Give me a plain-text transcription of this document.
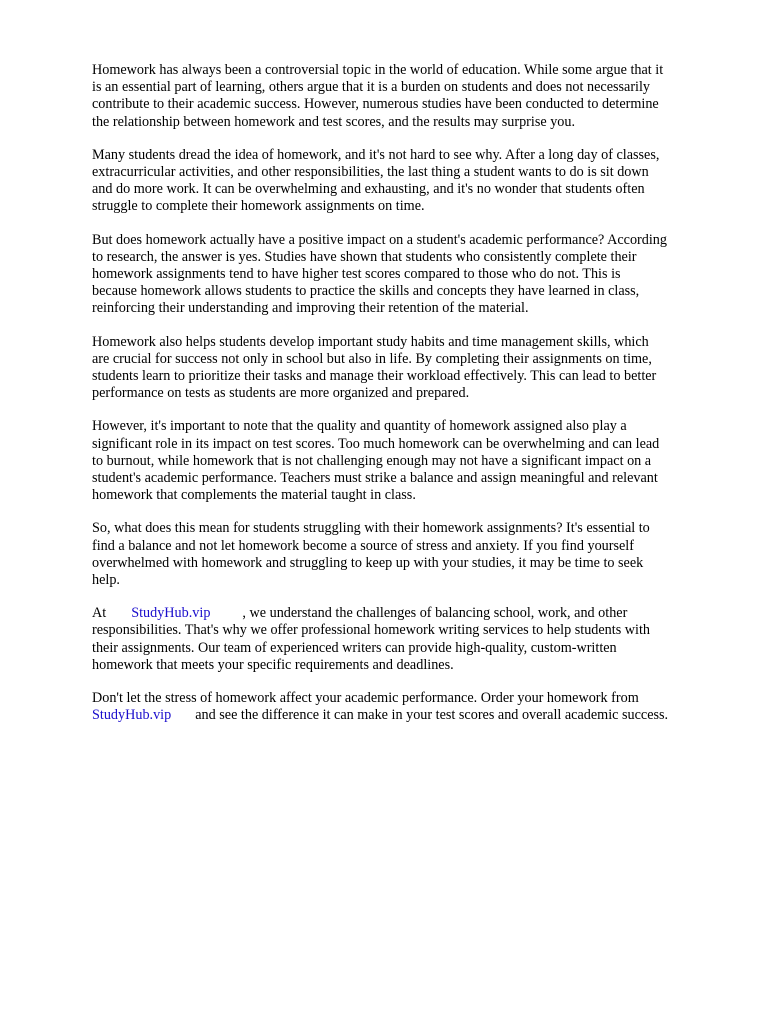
Homework has always been a controversial topic in the world of education. While some argue that it
is an essential part of learning, others argue that it is a burden on students and does not necessarily
contribute to their academic success. However, numerous studies have been conducted to determine
the relationship between homework and test scores, and the results may surprise you.

Many students dread the idea of homework, and it's not hard to see why. After a long day of classes,
extracurricular activities, and other responsibilities, the last thing a student wants to do is sit down
and do more work. It can be overwhelming and exhausting, and it's no wonder that students often
struggle to complete their homework assignments on time.

But does homework actually have a positive impact on a student's academic performance? According
to research, the answer is yes. Studies have shown that students who consistently complete their
homework assignments tend to have higher test scores compared to those who do not. This is
because homework allows students to practice the skills and concepts they have learned in class,
reinforcing their understanding and improving their retention of the material.

Homework also helps students develop important study habits and time management skills, which
are crucial for success not only in school but also in life. By completing their assignments on time,
students learn to prioritize their tasks and manage their workload effectively. This can lead to better
performance on tests as students are more organized and prepared.

However, it's important to note that the quality and quantity of homework assigned also play a
significant role in its impact on test scores. Too much homework can be overwhelming and can lead
to burnout, while homework that is not challenging enough may not have a significant impact on a
student's academic performance. Teachers must strike a balance and assign meaningful and relevant
homework that complements the material taught in class.

So, what does this mean for students struggling with their homework assignments? It's essential to
find a balance and not let homework become a source of stress and anxiety. If you find yourself
overwhelmed with homework and struggling to keep up with your studies, it may be time to seek
help.

At StudyHub.vip , we understand the challenges of balancing school, work, and other
responsibilities. That's why we offer professional homework writing services to help students with
their assignments. Our team of experienced writers can provide high-quality, custom-written
homework that meets your specific requirements and deadlines.

Don't let the stress of homework affect your academic performance. Order your homework from
StudyHub.vip and see the difference it can make in your test scores and overall academic success.
